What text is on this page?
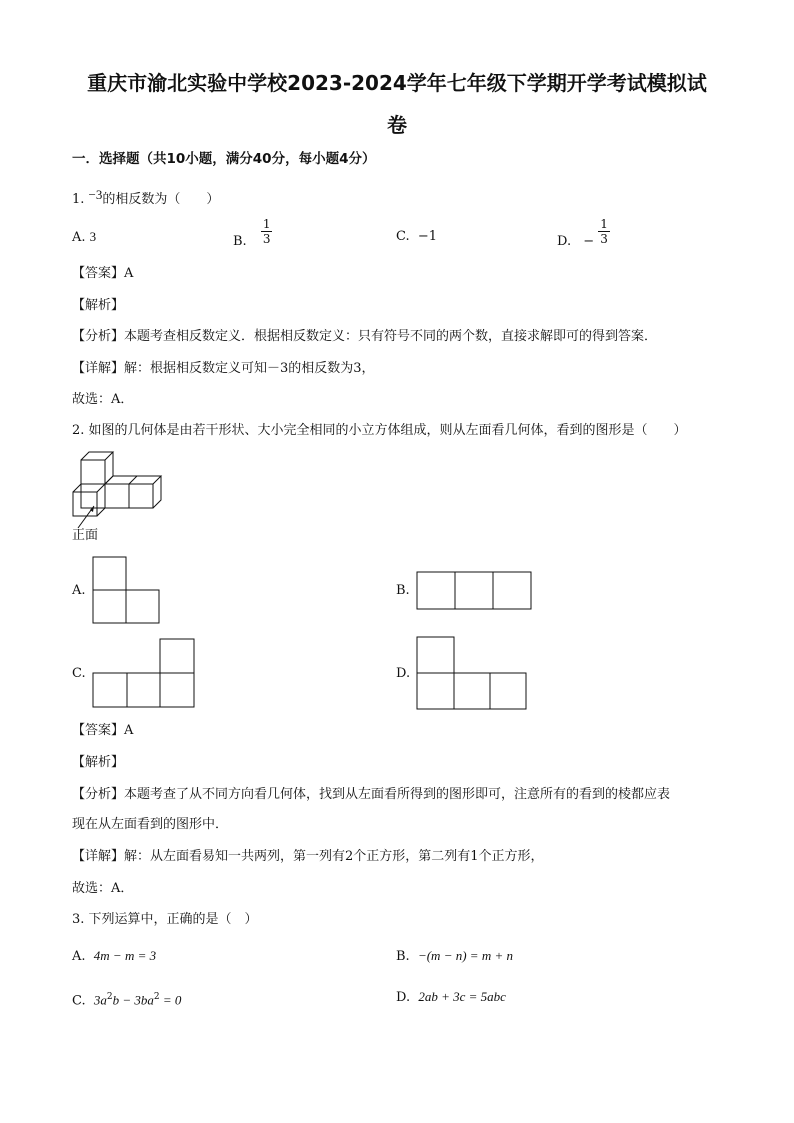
重庆市渝北实验中学校2023-2024学年七年级下学期开学考试模拟试
卷
一．选择题（共10小题，满分40分，每小题4分）
1. −3的相反数为（　　）
A. 3	B. $\frac{1}{3}$	C. −1	D. − $\frac{1}{3}$
【答案】A
【解析】
【分析】本题考查相反数定义．根据相反数定义：只有符号不同的两个数，直接求解即可的得到答案．
【详解】解：根据相反数定义可知－3的相反数为3，
故选：A．
2. 如图的几何体是由若干形状、大小完全相同的小立方体组成，则从左面看几何体，看到的图形是（　　）
正面
A.	B.
C.	D.
【答案】A
【解析】
【分析】本题考查了从不同方向看几何体，找到从左面看所得到的图形即可，注意所有的看到的棱都应表
现在从左面看到的图形中．
【详解】解：从左面看易知一共两列，第一列有2个正方形，第二列有1个正方形，
故选：A．
3. 下列运算中，正确的是（　）
A. 4m − m = 3	B. −(m − n) = m + n
C. $3a^2b - 3ba^2 = 0$	D. 2ab + 3c = 5abc
